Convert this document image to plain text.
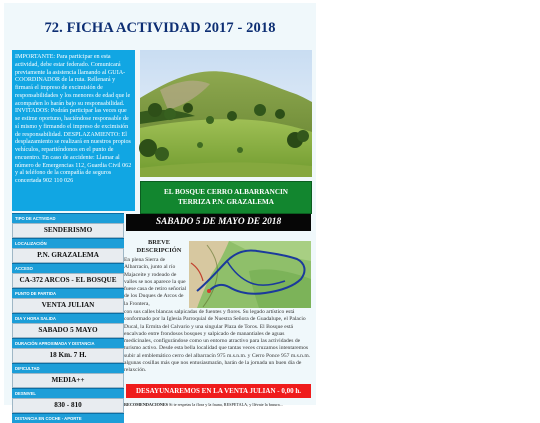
72. FICHA ACTIVIDAD 2017 - 2018
IMPORTANTE: Para participar en esta actividad, debe estar federado. Comunicará previamente la asistencia llamando al GUIA-COORDINADOR de la ruta. Rellenará y firmará el impreso de excimisión de responsabilidades y los menores de edad que le acompañen lo harán bajo su responsabilidad. INVITADOS: Podrán participar las veces que se estime oportuno, haciéndose responsable de sí mismo y firmando el impreso de excimisión de responsabilidad. DESPLAZAMIENTO: El desplazamiento se realizará en nuestros propios vehículos, repartiéndonos en el punto de encuentro. En caso de accidente: Llamar al número de Emergencias 112, Guardia Civil 062 y al teléfono de la compañía de seguros concertada 902 110 026
EL BOSQUE CERRO ALBARRANCIN
TERRIZA P.N. GRAZALEMA
TIPO DE ACTIVIDAD
SENDERISMO
LOCALIZACIÓN
P.N. GRAZALEMA
ACCESO
CA-372 ARCOS - EL BOSQUE
PUNTO DE PARTIDA
VENTA JULIAN
DIA Y HORA SALIDA
SABADO 5 MAYO
DURACIÓN APROXIMADA Y DISTANCIA
18 Km. 7 H.
DIFICULTAD
MEDIA++
DESNIVEL
830 - 810
DISTANCIA EN COCHE - APORTE
SABADO 5 DE MAYO DE 2018
BREVE DESCRIPCIÓN
En plena Sierra de Albarracín, junto al río Majaceite y rodeado de valles se nos aparece la que fuese casa de retiro señorial de los Duques de Arcos de la Frontera,
con sus calles blancas salpicadas de fuentes y flores. Su legado artístico está conformado por la Iglesia Parroquial de Nuestra Señora de Guadalupe, el Palacio Ducal, la Ermita del Calvario y una singular Plaza de Toros. El Bosque está encalvado entre frondosos bosques y salpicado de manantiales de aguas medicinales, configurándose como un entorno atractivo para las actividades de turismo activo. Desde esta bella localidad que tantas veces cruzamos intentaremos subir al emblemático cerro del albarracín 975 m.s.n.m. y Cerro Ponce 957 m.s.n.m. algunas cosillas más que nos entusiasmarán, harán de la jornada un buen día de relaxción.
DESAYUNAREMOS EN LA VENTA JULIAN - 0,00 h.
RECOMENDACIONES Si te respetas la flora y la fauna, RESPETALA, y llévate la basura...
